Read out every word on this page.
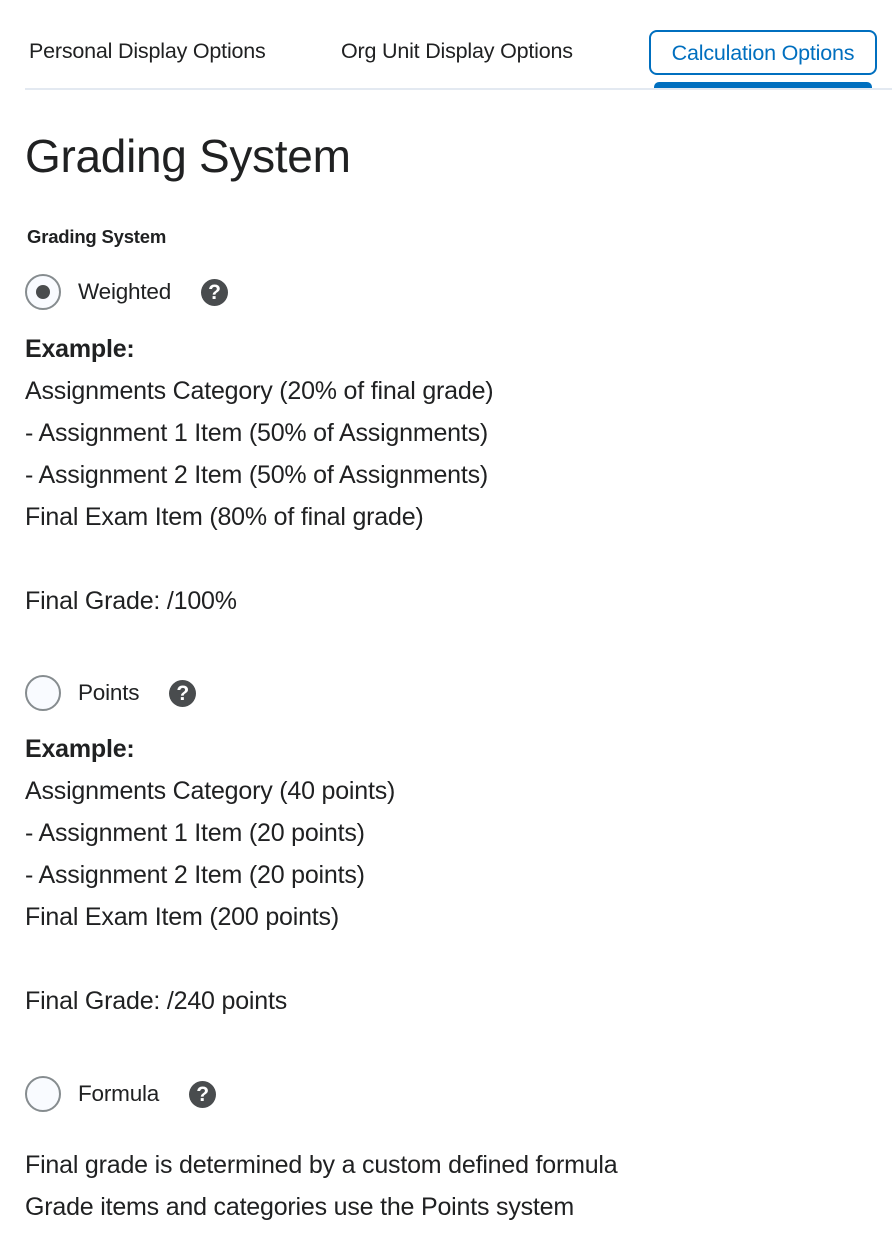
Personal Display Options	Org Unit Display Options	Calculation Options
Grading System
Grading System
Weighted	?
Example:
Assignments Category (20% of final grade)
- Assignment 1 Item (50% of Assignments)
- Assignment 2 Item (50% of Assignments)
Final Exam Item (80% of final grade)
Final Grade: /100%
Points	?
Example:
Assignments Category (40 points)
- Assignment 1 Item (20 points)
- Assignment 2 Item (20 points)
Final Exam Item (200 points)
Final Grade: /240 points
Formula	?
Final grade is determined by a custom defined formula
Grade items and categories use the Points system
